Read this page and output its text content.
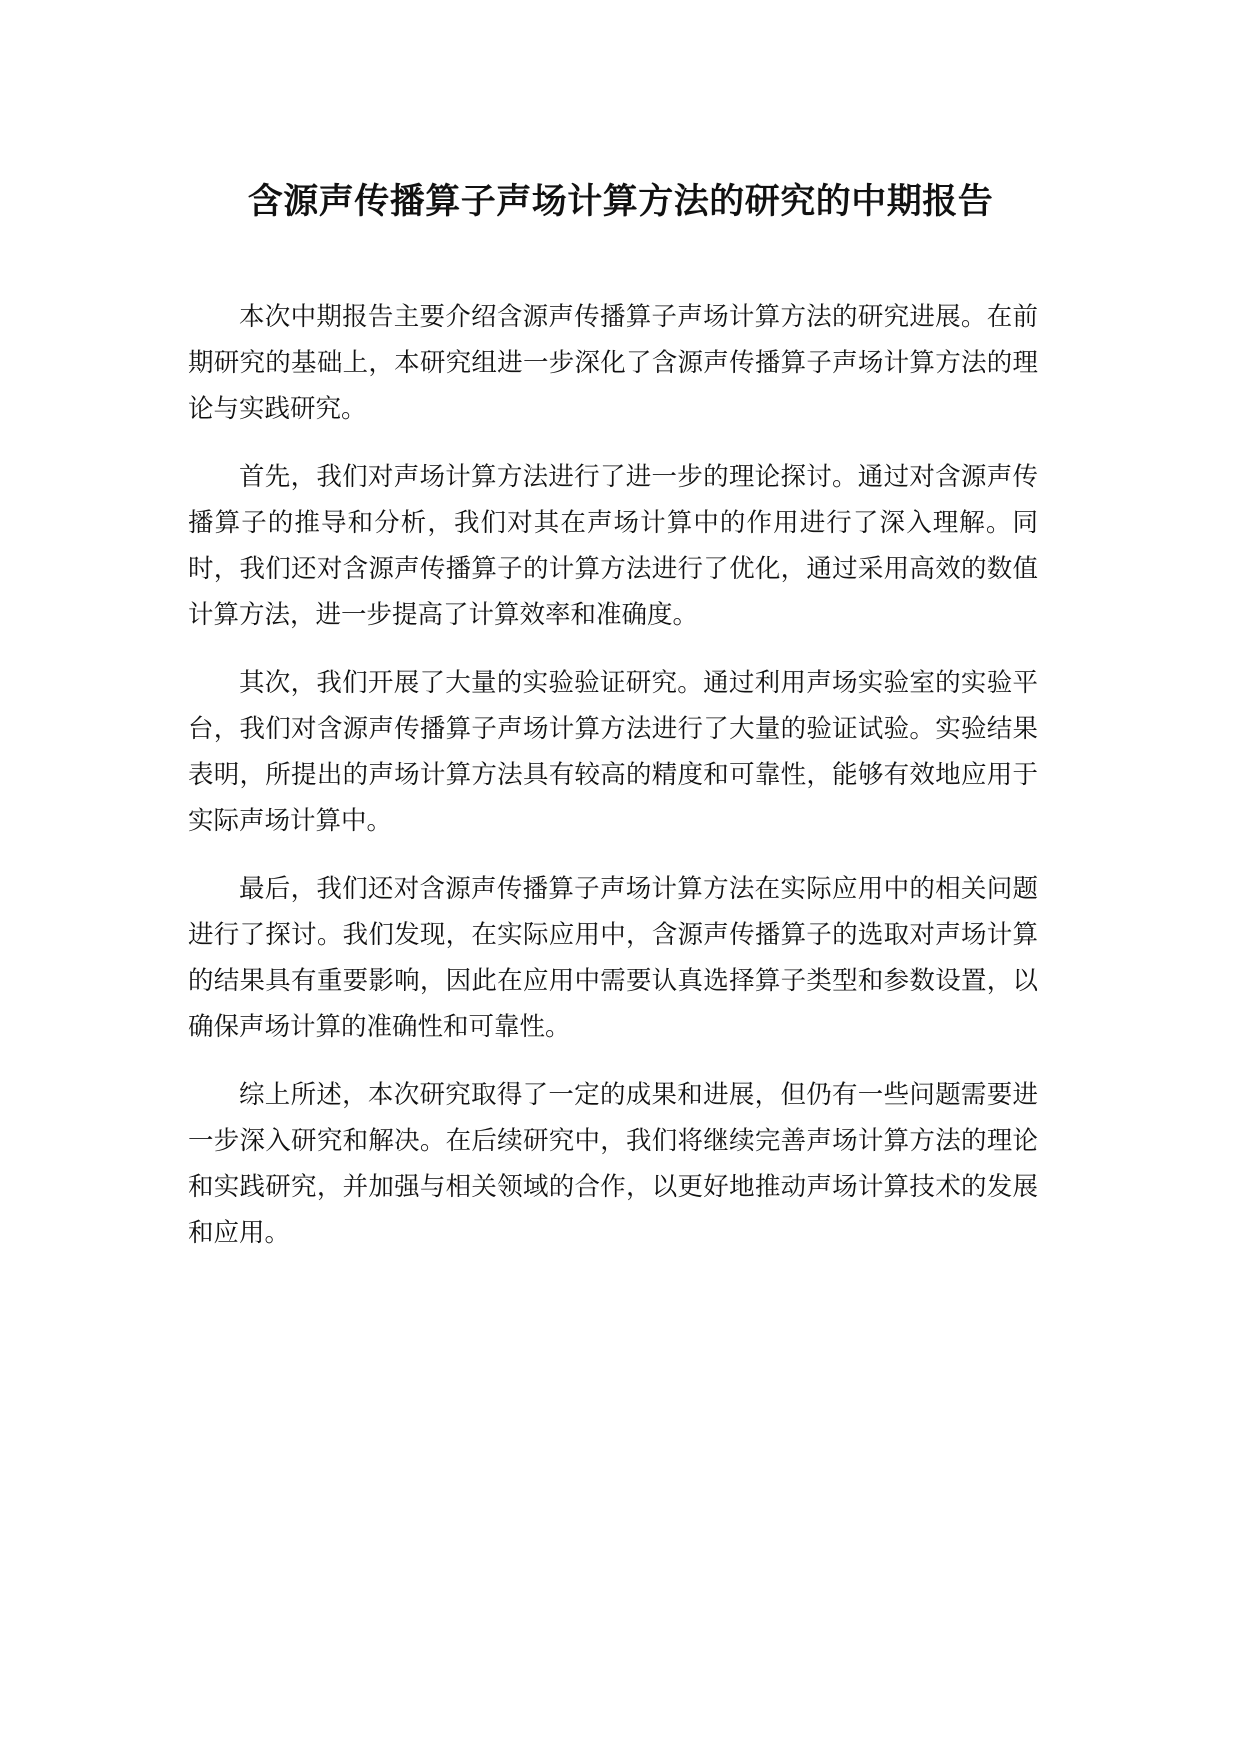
含源声传播算子声场计算方法的研究的中期报告

本次中期报告主要介绍含源声传播算子声场计算方法的研究进展。在前期研究的基础上，本研究组进一步深化了含源声传播算子声场计算方法的理论与实践研究。

首先，我们对声场计算方法进行了进一步的理论探讨。通过对含源声传播算子的推导和分析，我们对其在声场计算中的作用进行了深入理解。同时，我们还对含源声传播算子的计算方法进行了优化，通过采用高效的数值计算方法，进一步提高了计算效率和准确度。

其次，我们开展了大量的实验验证研究。通过利用声场实验室的实验平台，我们对含源声传播算子声场计算方法进行了大量的验证试验。实验结果表明，所提出的声场计算方法具有较高的精度和可靠性，能够有效地应用于实际声场计算中。

最后，我们还对含源声传播算子声场计算方法在实际应用中的相关问题进行了探讨。我们发现，在实际应用中，含源声传播算子的选取对声场计算的结果具有重要影响，因此在应用中需要认真选择算子类型和参数设置，以确保声场计算的准确性和可靠性。

综上所述，本次研究取得了一定的成果和进展，但仍有一些问题需要进一步深入研究和解决。在后续研究中，我们将继续完善声场计算方法的理论和实践研究，并加强与相关领域的合作，以更好地推动声场计算技术的发展和应用。
